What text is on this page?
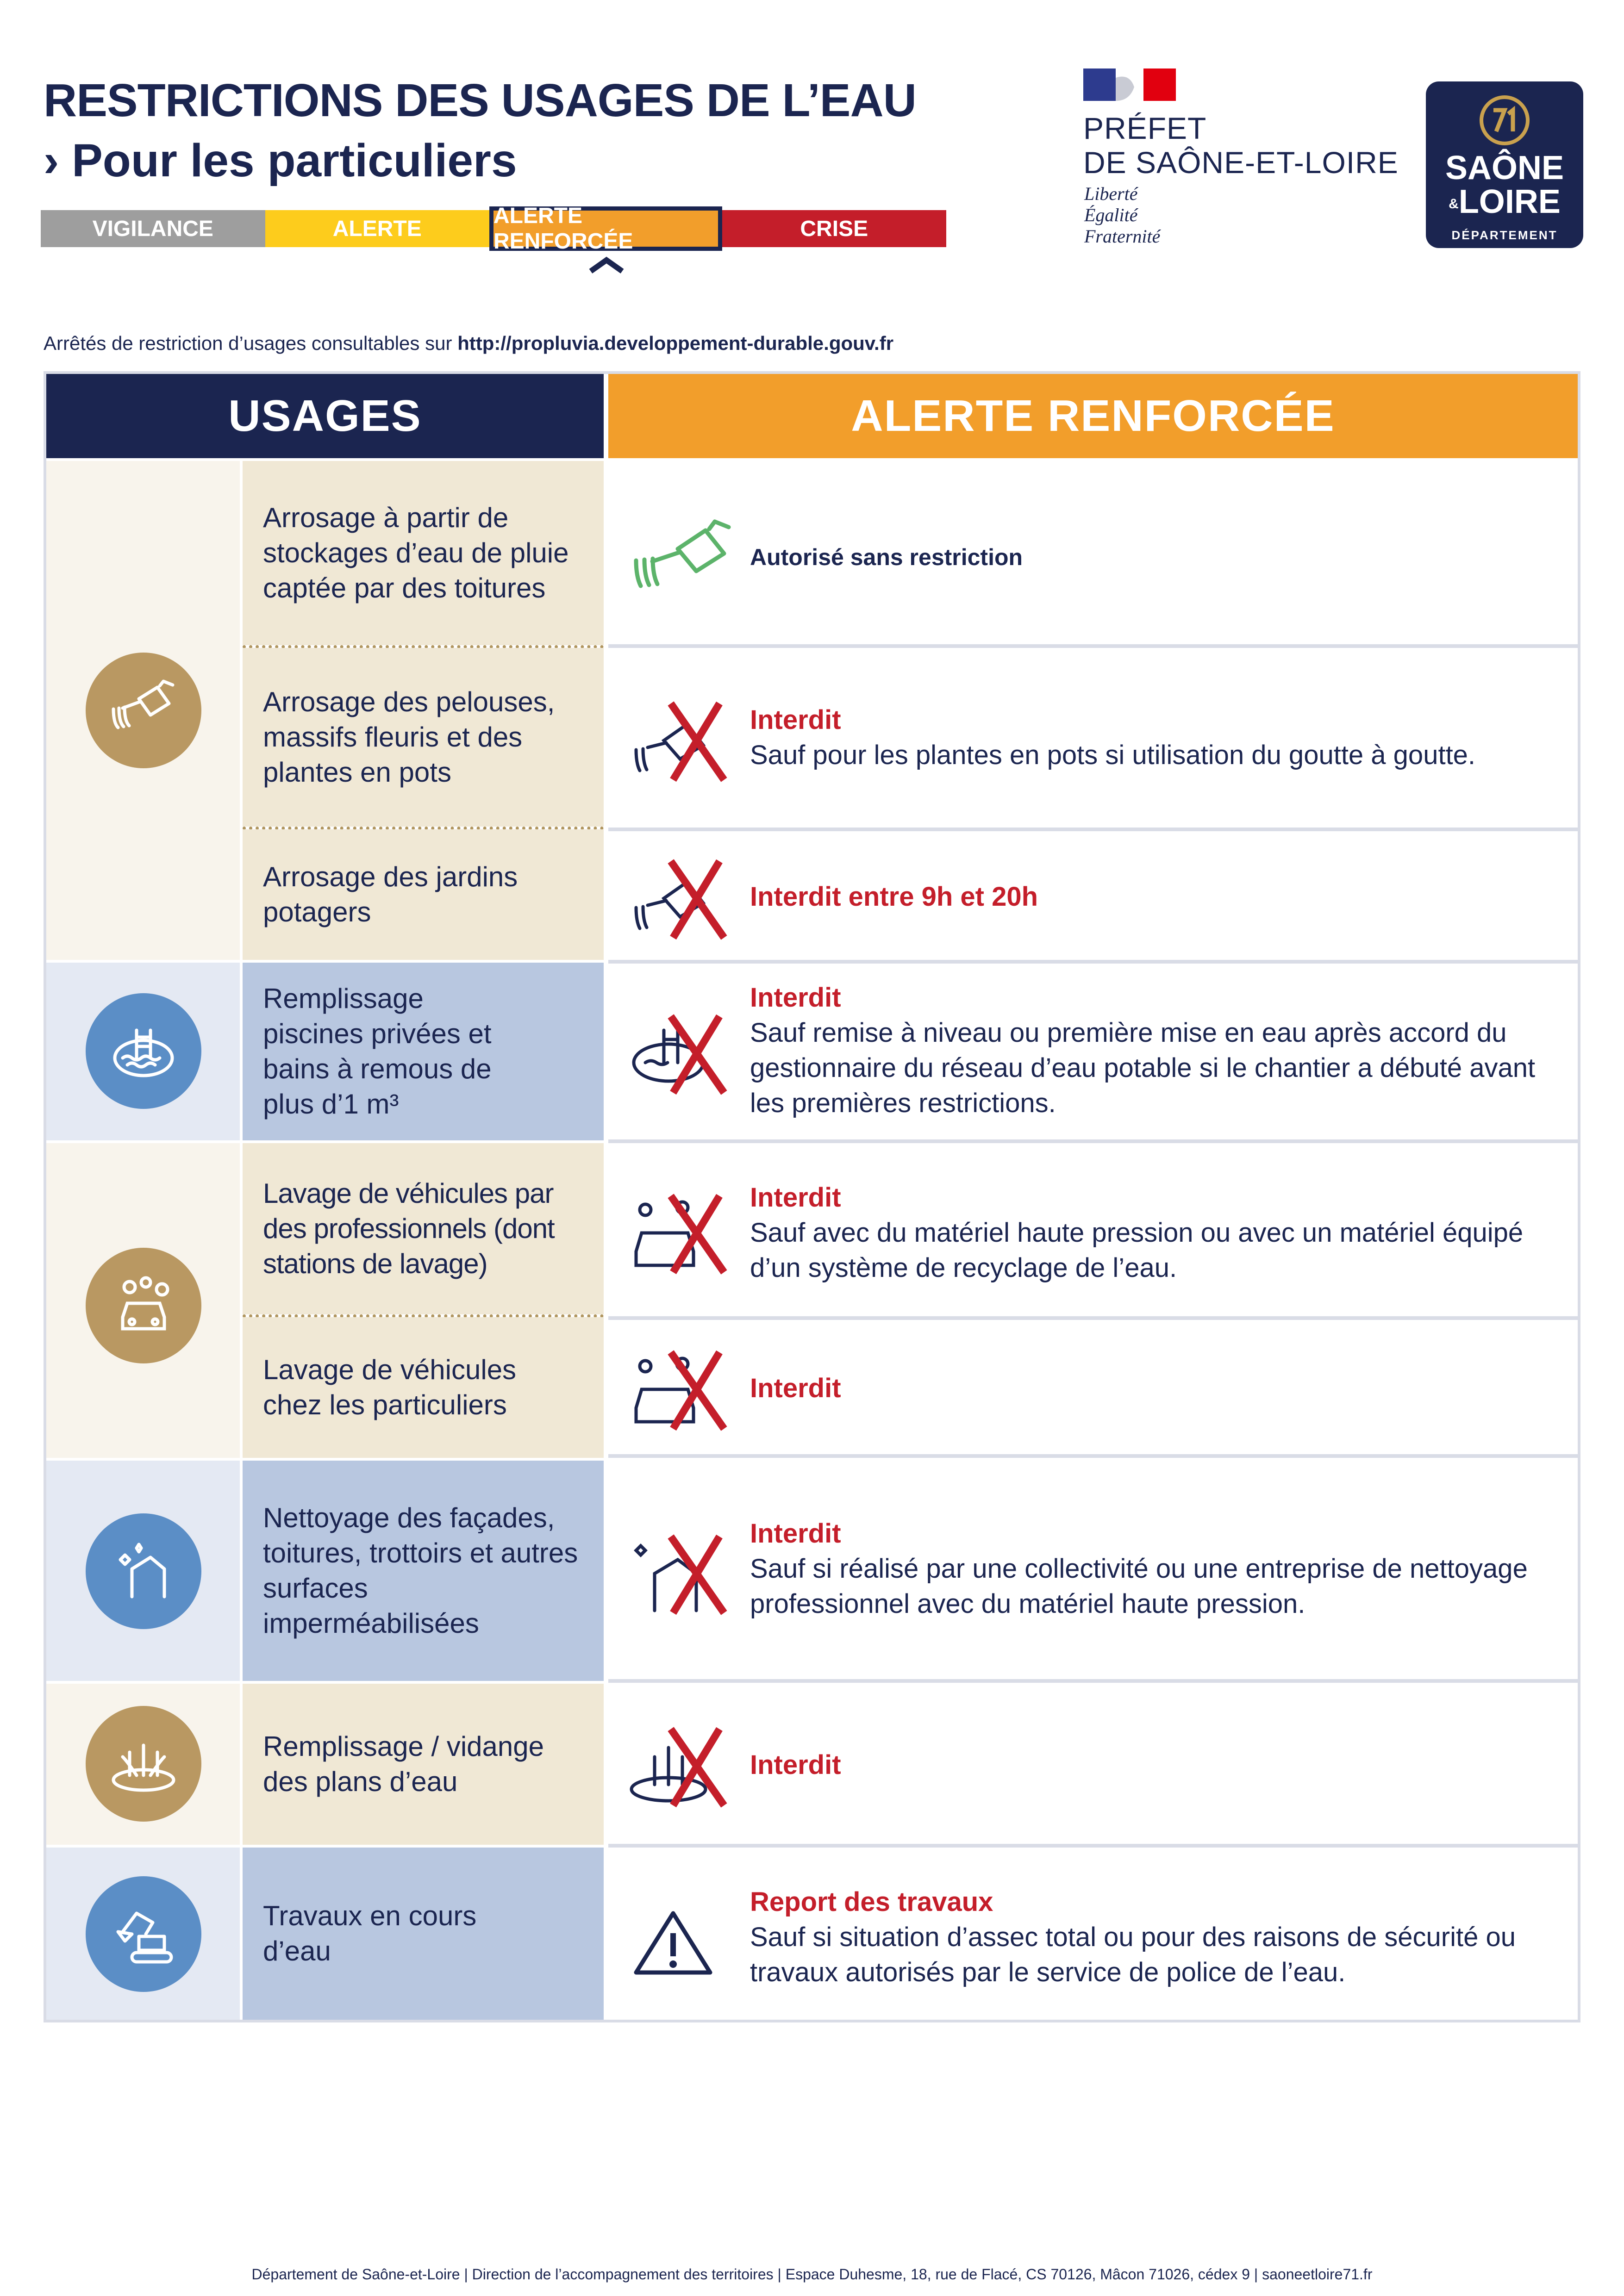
RESTRICTIONS DES USAGES DE L’EAU
› Pour les particuliers
VIGILANCE	ALERTE
ALERTE RENFORCÉE
CRISE
PRÉFET
DE SAÔNE-ET-LOIRE
Liberté
Égalité
Fraternité
SAÔNE
&LOIRE
DÉPARTEMENT
Arrêtés de restriction d’usages consultables sur http://propluvia.developpement-durable.gouv.fr
USAGES	ALERTE RENFORCÉE
Arrosage à partir de stockages d’eau de pluie captée par des toitures
Arrosage des pelouses, massifs fleuris et des plantes en pots
Arrosage des jardins potagers
Remplissage piscines privées et bains à remous de plus d’1 m³
Lavage de véhicules par des professionnels (dont stations de lavage)
Lavage de véhicules chez les particuliers
Nettoyage des façades, toitures, trottoirs et autres surfaces imperméabilisées
Remplissage / vidange des plans d’eau
Travaux en cours d’eau
Autorisé sans restriction
Interdit
Sauf pour les plantes en pots si utilisation du goutte à goutte.
Interdit entre 9h et 20h
Interdit
Sauf remise à niveau ou première mise en eau après accord du gestionnaire du réseau d’eau potable si le chantier a débuté avant les premières restrictions.
Interdit
Sauf avec du matériel haute pression ou avec un matériel équipé d’un système de recyclage de l’eau.
Interdit
Interdit
Sauf si réalisé par une collectivité ou une entreprise de nettoyage professionnel avec du matériel haute pression.
Interdit
Report des travaux
Sauf si situation d’assec total ou pour des raisons de sécurité ou travaux autorisés par le service de police de l’eau.
Département de Saône-et-Loire | Direction de l’accompagnement des territoires | Espace Duhesme, 18, rue de Flacé, CS 70126, Mâcon 71026, cédex 9 | saoneetloire71.fr
